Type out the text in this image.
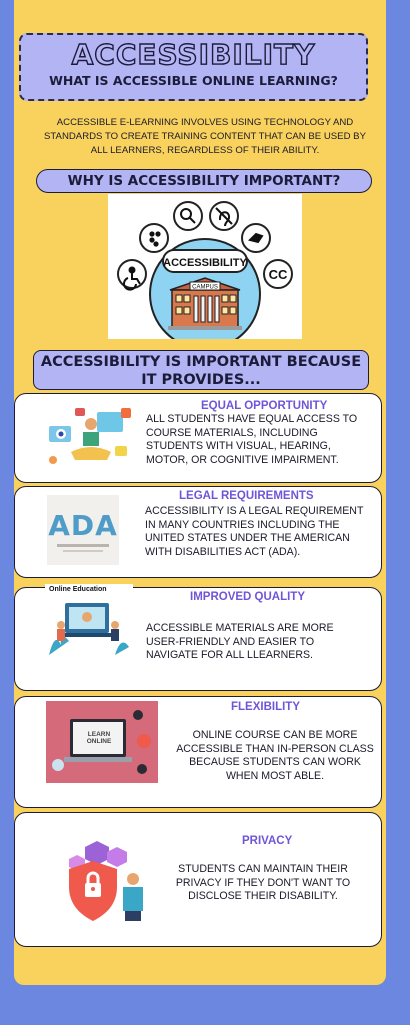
ACCESSIBILITY
WHAT IS ACCESSIBLE ONLINE LEARNING?
ACCESSIBLE E-LEARNING INVOLVES USING TECHNOLOGY AND STANDARDS TO CREATE TRAINING CONTENT THAT CAN BE USED BY ALL LEARNERS, REGARDLESS OF THEIR ABILITY.
WHY IS ACCESSIBILITY IMPORTANT?
ACCESSIBILITY
CAMPUS
CC
ACCESSIBILITY IS IMPORTANT BECAUSE IT PROVIDES...
EQUAL OPPORTUNITY
ALL STUDENTS HAVE EQUAL ACCESS TO COURSE MATERIALS, INCLUDING STUDENTS WITH VISUAL, HEARING, MOTOR, OR COGNITIVE IMPAIRMENT.
ADA
LEGAL REQUIREMENTS
ACCESSIBILITY IS A LEGAL REQUIREMENT IN MANY COUNTRIES INCLUDING THE UNITED STATES UNDER THE AMERICAN WITH DISABILITIES ACT (ADA).
Online Education
IMPROVED QUALITY
ACCESSIBLE MATERIALS ARE MORE USER-FRIENDLY AND EASIER TO NAVIGATE FOR ALL LLEARNERS.
LEARN ONLINE
FLEXIBILITY
ONLINE COURSE CAN BE MORE ACCESSIBLE THAN IN-PERSON CLASS BECAUSE STUDENTS CAN WORK WHEN MOST ABLE.
PRIVACY
STUDENTS CAN MAINTAIN THEIR PRIVACY IF THEY DON'T WANT TO DISCLOSE THEIR DISABILITY.
